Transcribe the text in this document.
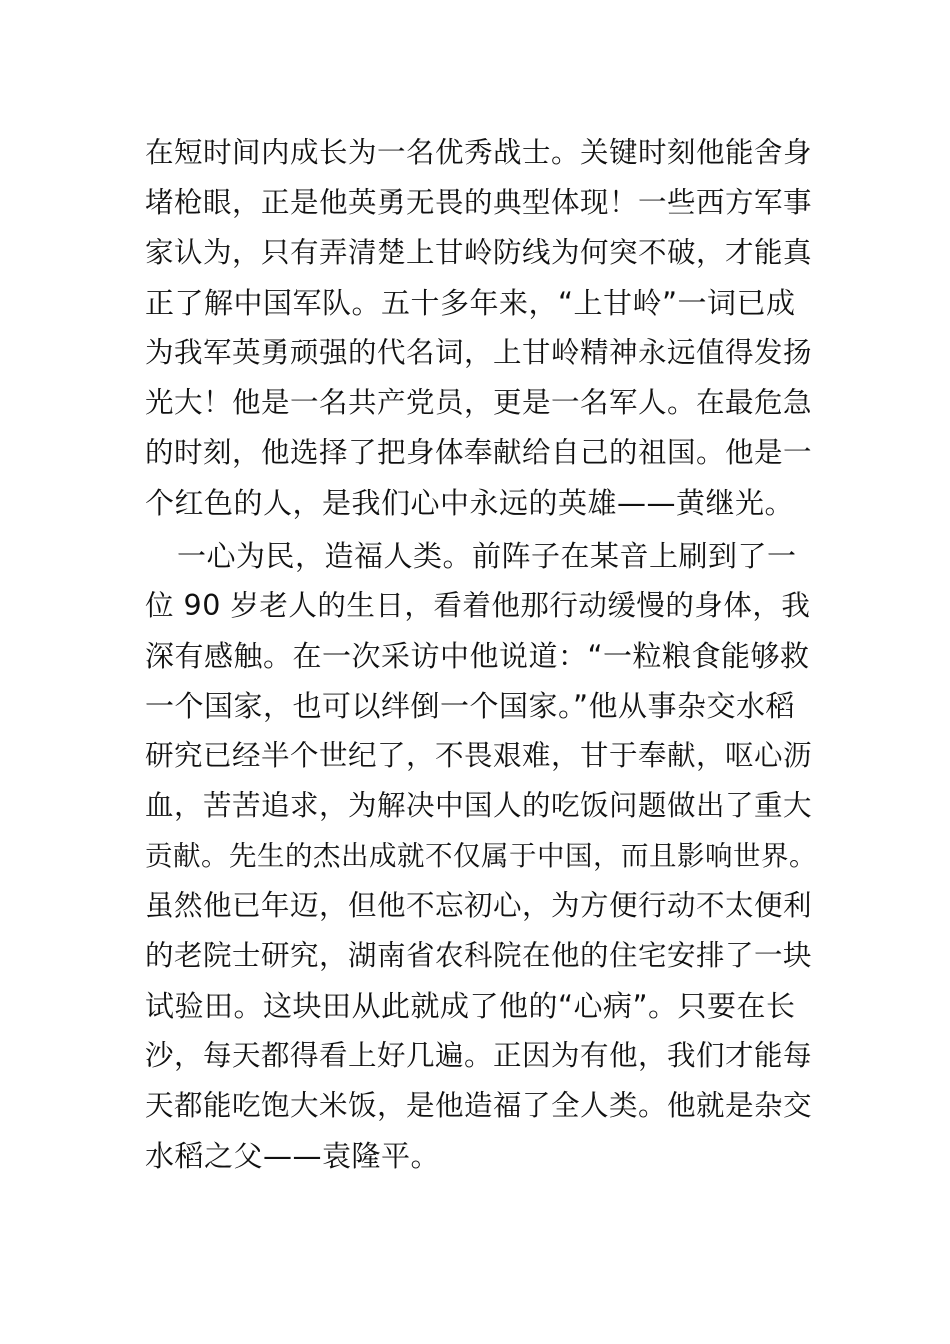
在短时间内成长为一名优秀战士。关键时刻他能舍身
堵枪眼，正是他英勇无畏的典型体现！一些西方军事
家认为，只有弄清楚上甘岭防线为何突不破，才能真
正了解中国军队。五十多年来，“上甘岭”一词已成
为我军英勇顽强的代名词，上甘岭精神永远值得发扬
光大！他是一名共产党员，更是一名军人。在最危急
的时刻，他选择了把身体奉献给自己的祖国。他是一
个红色的人，是我们心中永远的英雄——黄继光。

一心为民，造福人类。前阵子在某音上刷到了一
位 90 岁老人的生日，看着他那行动缓慢的身体，我
深有感触。在一次采访中他说道：“一粒粮食能够救
一个国家，也可以绊倒一个国家。”他从事杂交水稻
研究已经半个世纪了，不畏艰难，甘于奉献，呕心沥
血，苦苦追求，为解决中国人的吃饭问题做出了重大
贡献。先生的杰出成就不仅属于中国，而且影响世界。
虽然他已年迈，但他不忘初心，为方便行动不太便利
的老院士研究，湖南省农科院在他的住宅安排了一块
试验田。这块田从此就成了他的“心病”。只要在长
沙，每天都得看上好几遍。正因为有他，我们才能每
天都能吃饱大米饭，是他造福了全人类。他就是杂交
水稻之父——袁隆平。
